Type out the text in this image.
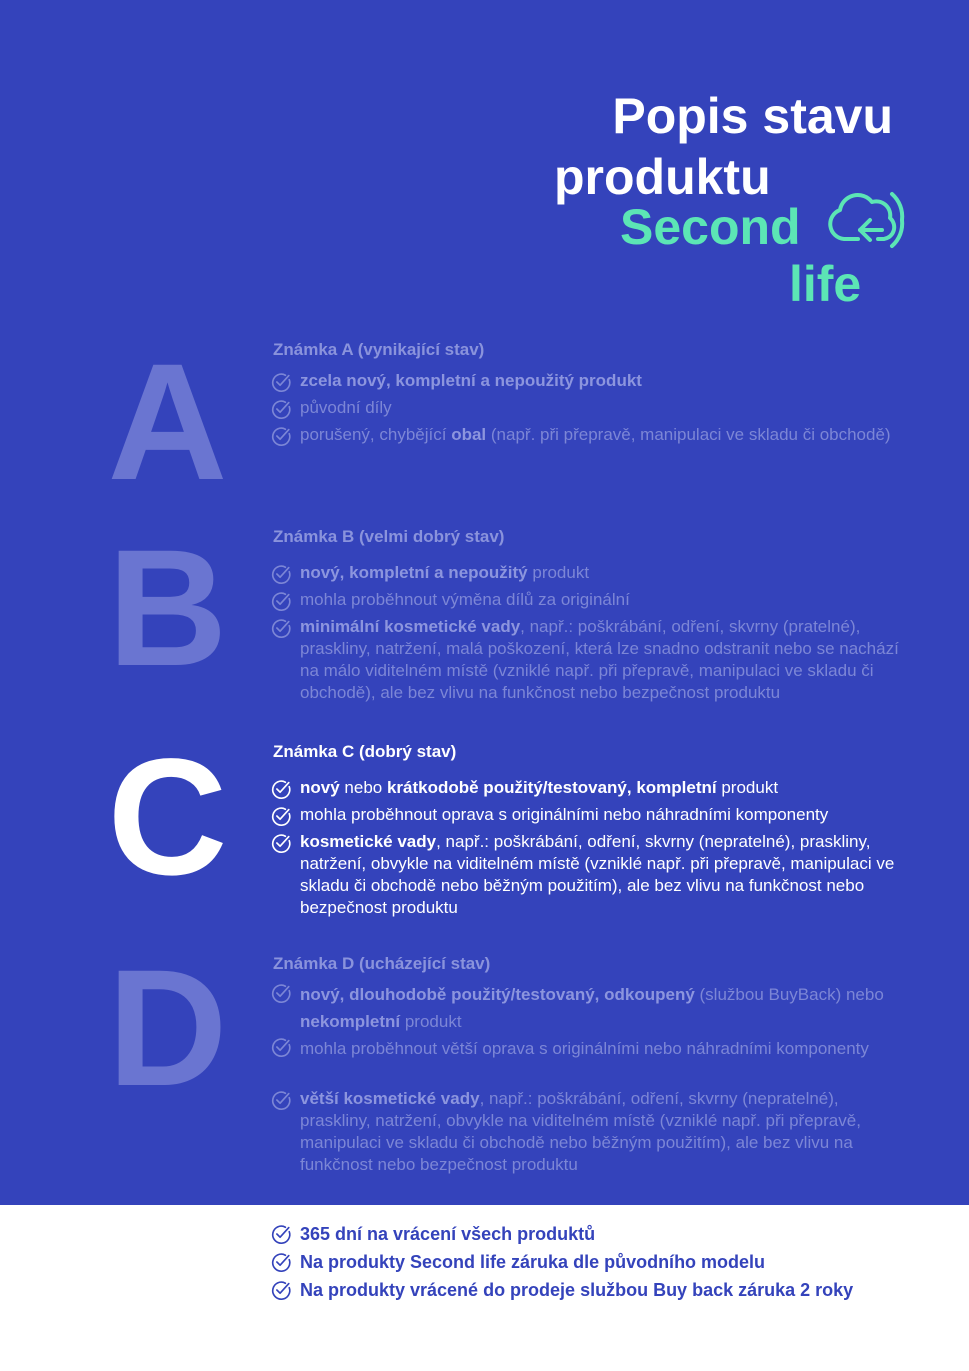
Popis stavu
produktu
Second
life
A	Známka A (vynikající stav)
zcela nový, kompletní a nepoužitý produkt
původní díly
porušený, chybějící obal (např. při přepravě, manipulaci ve skladu či obchodě)
B	Známka B (velmi dobrý stav)
nový, kompletní a nepoužitý produkt
mohla proběhnout výměna dílů za originální
minimální kosmetické vady, např.: poškrábání, odření, skvrny (pratelné), praskliny, natržení, malá poškození, která lze snadno odstranit nebo se nachází na málo viditelném místě (vzniklé např. při přepravě, manipulaci ve skladu či obchodě), ale bez vlivu na funkčnost nebo bezpečnost produktu
C	Známka C (dobrý stav)
nový nebo krátkodobě použitý/testovaný, kompletní produkt
mohla proběhnout oprava s originálními nebo náhradními komponenty
kosmetické vady, např.: poškrábání, odření, skvrny (nepratelné), praskliny, natržení, obvykle na viditelném místě (vzniklé např. při přepravě, manipulaci ve skladu či obchodě nebo běžným použitím), ale bez vlivu na funkčnost nebo bezpečnost produktu
D	Známka D (ucházející stav)
nový, dlouhodobě použitý/testovaný, odkoupený (službou BuyBack) nebo nekompletní produkt
mohla proběhnout větší oprava s originálními nebo náhradními komponenty
větší kosmetické vady, např.: poškrábání, odření, skvrny (nepratelné), praskliny, natržení, obvykle na viditelném místě (vzniklé např. při přepravě, manipulaci ve skladu či obchodě nebo běžným použitím), ale bez vlivu na funkčnost nebo bezpečnost produktu
365 dní na vrácení všech produktů
Na produkty Second life záruka dle původního modelu
Na produkty vrácené do prodeje službou Buy back záruka 2 roky
